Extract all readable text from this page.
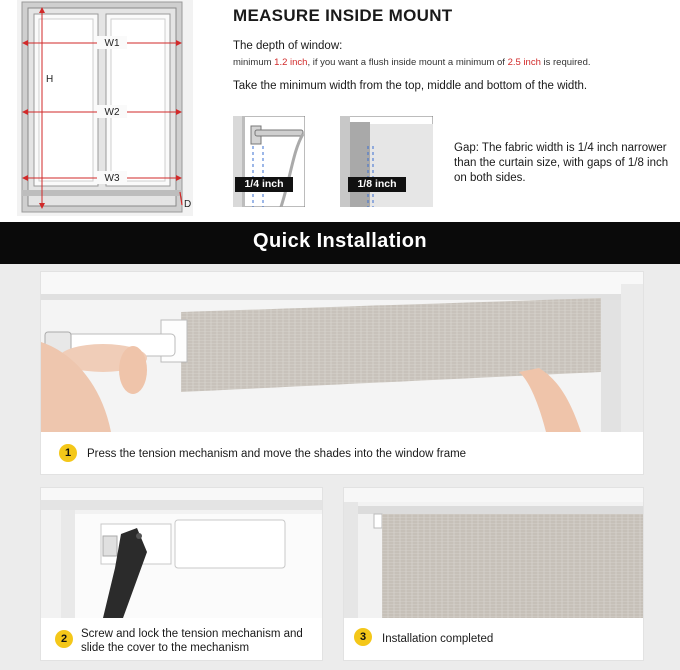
W1
W2
W3
H
D
MEASURE INSIDE MOUNT
The depth of window:
minimum 1.2 inch, if you want a flush inside mount a minimum of 2.5 inch is required.
Take the minimum width from the top, middle and bottom of the width.
1/4 inch	1/8 inch
Gap: The fabric width is 1/4 inch narrower than the curtain size, with gaps of 1/8 inch on both sides.
Quick Installation
1	Press the tension mechanism and move the shades into the window frame
2	Screw and lock the tension mechanism and
slide the cover to the mechanism
3	Installation completed
